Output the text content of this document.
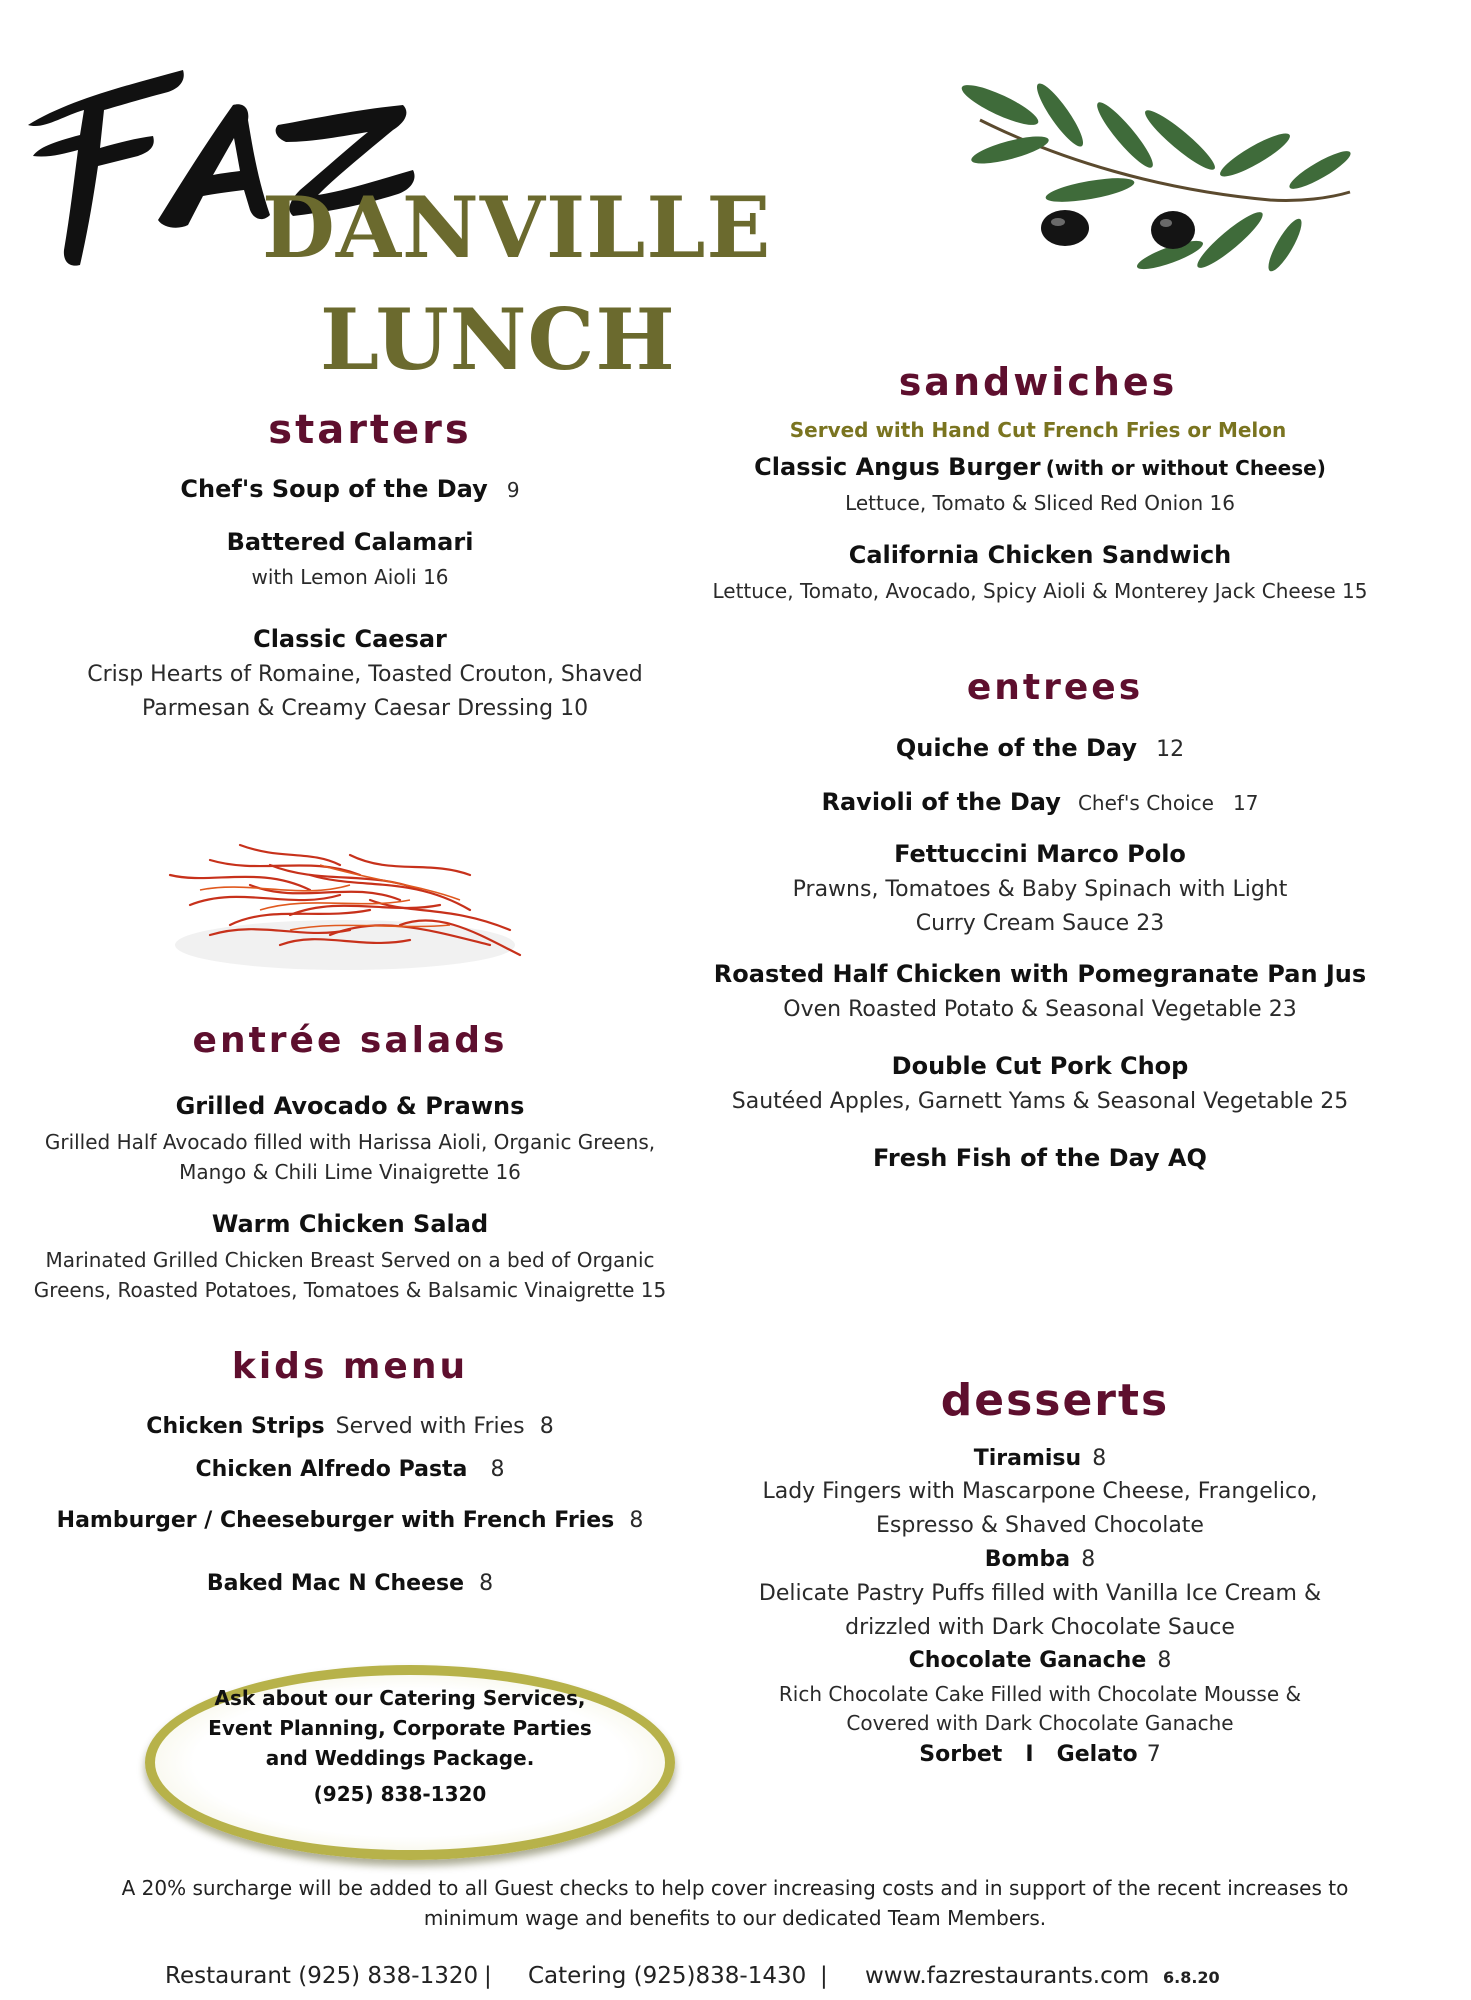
DANVILLE
LUNCH
starters
Chef's Soup of the Day 9
Battered Calamari
with Lemon Aioli 16
Classic Caesar
Crisp Hearts of Romaine, Toasted Crouton, Shaved
Parmesan & Creamy Caesar Dressing 10
entrée salads
Grilled Avocado & Prawns
Grilled Half Avocado filled with Harissa Aioli, Organic Greens,
Mango & Chili Lime Vinaigrette 16
Warm Chicken Salad
Marinated Grilled Chicken Breast Served on a bed of Organic
Greens, Roasted Potatoes, Tomatoes & Balsamic Vinaigrette 15
kids menu
Chicken Strips Served with Fries 8
Chicken Alfredo Pasta 8
Hamburger / Cheeseburger with French Fries 8
Baked Mac N Cheese 8
Ask about our Catering Services,
Event Planning, Corporate Parties
and Weddings Package.
(925) 838-1320
sandwiches
Served with Hand Cut French Fries or Melon
Classic Angus Burger (with or without Cheese)
Lettuce, Tomato & Sliced Red Onion 16
California Chicken Sandwich
Lettuce, Tomato, Avocado, Spicy Aioli & Monterey Jack Cheese 15
entrees
Quiche of the Day 12
Ravioli of the Day Chef's Choice 17
Fettuccini Marco Polo
Prawns, Tomatoes & Baby Spinach with Light
Curry Cream Sauce 23
Roasted Half Chicken with Pomegranate Pan Jus
Oven Roasted Potato & Seasonal Vegetable 23
Double Cut Pork Chop
Sautéed Apples, Garnett Yams & Seasonal Vegetable 25
Fresh Fish of the Day AQ
desserts
Tiramisu 8
Lady Fingers with Mascarpone Cheese, Frangelico,
Espresso & Shaved Chocolate
Bomba 8
Delicate Pastry Puffs filled with Vanilla Ice Cream &
drizzled with Dark Chocolate Sauce
Chocolate Ganache 8
Rich Chocolate Cake Filled with Chocolate Mousse &
Covered with Dark Chocolate Ganache
Sorbet I Gelato 7
A 20% surcharge will be added to all Guest checks to help cover increasing costs and in support of the recent increases to
minimum wage and benefits to our dedicated Team Members.
Restaurant (925) 838-1320 | Catering (925)838-1430 | www.fazrestaurants.com 6.8.20
